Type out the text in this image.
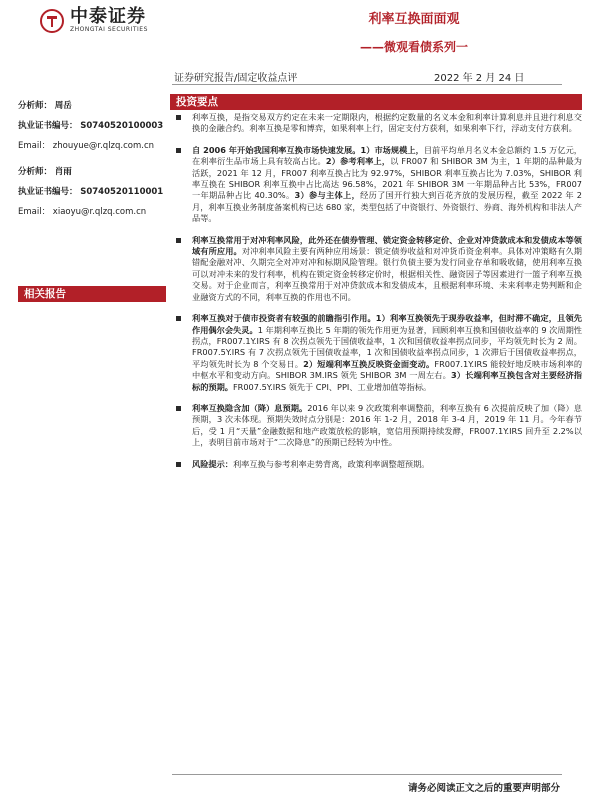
中泰证券
ZHONGTAI SECURITIES
利率互换面面观
——微观看债系列一
证券研究报告/固定收益点评	2022 年 2 月 24 日
分析师： 周岳
执业证书编号： S0740520100003
Email： zhouyue@r.qlzq.com.cn
分析师： 肖雨
执业证书编号： S0740520110001
Email： xiaoyu@r.qlzq.com.cn
相关报告
投资要点
利率互换，是指交易双方约定在未来一定期限内，根据约定数量的名义本金和利率计算利息并且进行利息交换的金融合约。利率互换是零和博弈，如果利率上行，固定支付方获利，如果利率下行，浮动支付方获利。
自 2006 年开始我国利率互换市场快速发展。1）市场规模上，目前平均单月名义本金总额约 1.5 万亿元，在利率衍生品市场上具有较高占比。2）参考利率上，以 FR007 和 SHIBOR 3M 为主，1 年期的品种最为活跃，2021 年 12 月，FR007 利率互换占比为 92.97%，SHIBOR 利率互换占比为 7.03%，SHIBOR 利率互换在 SHIBOR 利率互换中占比高达 96.58%，2021 年 SHIBOR 3M 一年期品种占比 53%，FR007 一年期品种占比 40.30%。3）参与主体上，经历了国开行独大到百花齐放的发展历程，截至 2022 年 2 月，利率互换业务制度备案机构已达 680 家，类型包括了中资银行、外资银行、券商、海外机构和非法人产品等。
利率互换常用于对冲利率风险，此外还在债券管理、锁定资金转移定价、企业对冲贷款成本和发债成本等领域有所应用。对冲利率风险主要有两种应用场景：锁定债券收益和对冲货币资金利率。具体对冲策略有久期错配金融对冲、久期完全对冲对冲和标期风险管理。银行负债主要为发行同业存单和吸收储，使用利率互换可以对冲未来的发行利率，机构在锁定资金转移定价时，根据相关性、融资因子等因素进行一篮子利率互换交易。对于企业而言，利率互换常用于对冲贷款成本和发债成本，且根据利率环境、未来利率走势判断和企业融资方式的不同，利率互换的作用也不同。
利率互换对于债市投资者有较强的前瞻指引作用。1）利率互换领先于现券收益率，但时滞不确定，且领先作用偶尔会失灵。1 年期利率互换比 5 年期的领先作用更为显著，回顾利率互换和国债收益率的 9 次周期性拐点，FR007.1Y.IRS 有 8 次拐点领先于国债收益率，1 次和国债收益率拐点同步，平均领先时长为 2 周。FR007.5Y.IRS 有 7 次拐点领先于国债收益率，1 次和国债收益率拐点同步，1 次滞后于国债收益率拐点，平均领先时长为 8 个交易日。2）短端利率互换反映资金面变动。FR007.1Y.IRS 能较好地反映市场利率的中枢水平和变动方向。SHIBOR 3M.IRS 领先 SHIBOR 3M 一周左右。3）长端利率互换包含对主要经济指标的预期。FR007.5Y.IRS 领先于 CPI、PPI、工业增加值等指标。
利率互换隐含加（降）息预期。2016 年以来 9 次政策利率调整前，利率互换有 6 次提前反映了加（降）息预期，3 次未体现。预期失效时点分别是：2016 年 1-2 月，2018 年 3-4 月，2019 年 11 月。今年春节后，受 1 月“天量”金融数据和地产政策放松的影响，宽信用预期持续发酵，FR007.1Y.IRS 回升至 2.2%以上，表明目前市场对于“二次降息”的预期已经转为中性。
风险提示：利率互换与参考利率走势背离，政策利率调整超预期。
请务必阅读正文之后的重要声明部分
